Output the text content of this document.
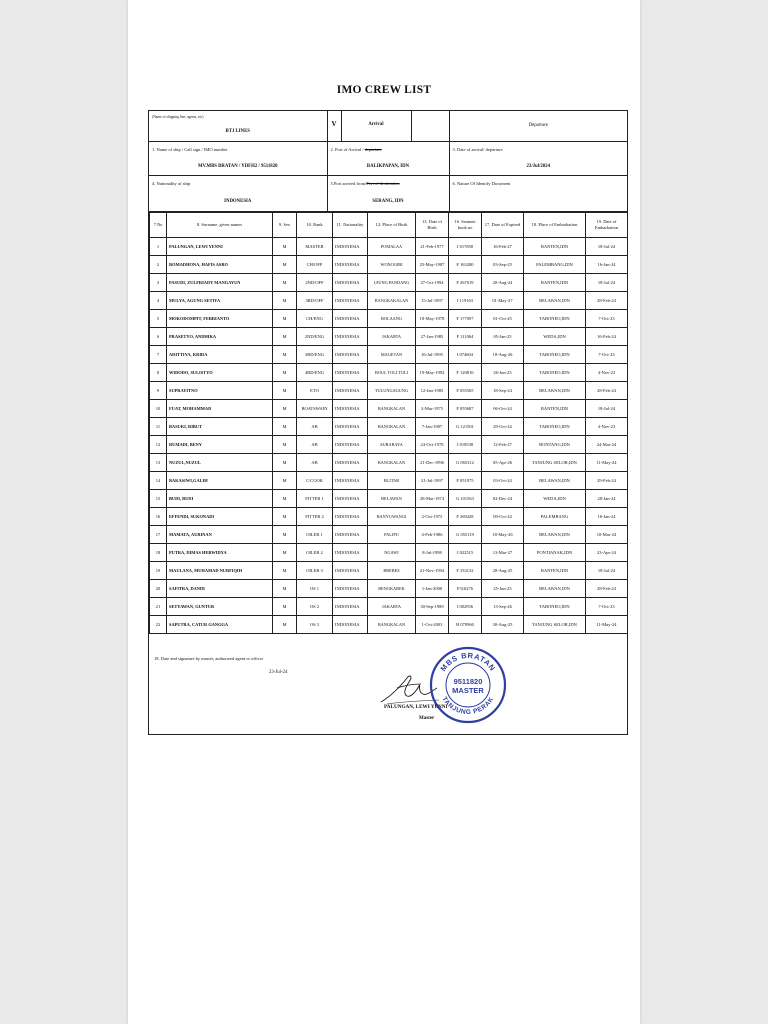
IMO CREW LIST
(Name of shipping line, agents, etc)
BTJ LINES	V	Arrival		Departure

1. Name of ship / Call sign / IMO number
MV.MBS BRATAN / YDFH2 / 9511820	2. Port of Arrival / departure
BALIKPAPAN, IDN			3. Date of arrival/ departure
23/Jul/2024

4. Nationality of ship
INDONESIA	5.Port arrived from/Port of destination
SERANG, IDN			6. Nature Of Identify Document
7.No	8. Surname, given names	9. Sex	10. Rank	11. Nationality	12. Place of Birth	13. Date of Birth	16. Seamen book no	17. Date of Expired	18. Place of Embarkation	19. Date of Embarkation
1	PALUNGAN, LEWI YENNI	M	MASTER	INDONESIA	POMALAA	21-Feb-1977	J 017850	16-Feb-27	BANTEN,IDN	18-Jul-24
2	ROMADHONA, HAFIS ASRO	M	CH/OFF	INDONESIA	WONOGIRI	25-May-1987	F 163280	03-Sep-25	PALEMBANG,IDN	16-Jan-24
3	PASUDI, ZULFRIADY MANGAYUN	M	2ND/OFF	INDONESIA	UJUNG PANDANG	27-Oct-1994	F 267019	20-Aug-24	BANTEN,IDN	18-Jul-24
4	MULYA, AGUNG SETIYA	M	3RD/OFF	INDONESIA	BANGKAKALAN	15-Jul-1997	I 119163	01-May-27	BELAWAN,IDN	28-Feb-24
5	MOKODOMPIT, FEBRIANTO	M	CH/ENG	INDONESIA	BOLAANG	18-May-1978	F 177097	01-Oct-25	TABONEO,IDN	7-Oct-23
6	PRASETYO, ANDHIKA	M	2ND/ENG	INDONESIA	JAKARTA	27-Jan-1985	F 111064	05-Jan-25	WEDA,IDN	16-Feb-24
7	ADITTIYA, KRIDA	M	3RD/ENG	INDONESIA	MAGETAN	16-Jul-1995	I 074604	18-Aug-26	TABONEO,IDN	7-Oct-23
8	WIDODO, SULISTYO	M	4RD/ENG	INDONESIA	BOUL TOLI TOLI	19-May-1992	F 120816	26-Jun-25	TABONEO,IDN	4-Nov-23
9	SUPRAYITNO	M	ETO	INDONESIA	TULUNGAGUNG	12-Jan-1985	F 055565	18-Sep-24	BELAWAN,IDN	28-Feb-24
10	FUAT, MOHAMMAD	M	BOATSWAIN	INDONESIA	BANGKALAN	2-Mar-1975	F 055687	06-Oct-24	BANTEN,IDN	18-Jul-24
11	BASUKI, RIBUT	M	AB	INDONESIA	BANGKALAN	7-Jan-1987	G 121501	29-Oct-24	TABONEO,IDN	4-Nov-23
12	RUMADI, BENY	M	AB	INDONESIA	SURABAYA	24-Oct-1978	J 018538	12-Feb-27	BONTANG,IDN	24-Mar-24
13	NUZUL,NUZUL	M	AB	INDONESIA	BANGKALAN	21-Dec-1996	G 065312	05-Apr-26	TANJUNG SELOR,IDN	11-May-24
14	BAKASIWI,GALIH	M	C/COOK	INDONESIA	BLITAR	21-Jul-1997	F 051975	03-Oct-24	BELAWAN,IDN	29-Feb-24
15	BUDI, BUDI	M	FITTER 1	INDONESIA	BELAWAN	28-Mar-1974	G 101563	02-Dec-24	WEDA,IDN	28-Jan-24
16	EFFENDI, SUKONADI	M	FITTER 2	INDONESIA	BANYUWANGI	2-Oct-1975	F 269428	09-Oct-24	PALEMBANG	16-Jan-24
17	MAMATA, AURINAN	M	OILER 1	INDONESIA	PALIPU	4-Feb-1986	G 055119	18-May-26	BELAWAN,IDN	10-Mar-24
18	PUTRA, DIMAS HERWIDYA	M	OILER 2	INDONESIA	NGAWI	8-Jul-1998	J 022515	13-Mar-27	PONTIANAK,IDN	23-Apr-24
19	MAULANA, MUHAMAD NURFIQIH	M	OILER 3	INDONESIA	BREBES	21-Nov-1994	F 333132	28-Aug-25	BANTEN,IDN	18-Jul-24
20	SAFITRA, DANDI	M	OS 1	INDONESIA	BENGKAREK	1-Jan-2000	F316276	25-Jun-25	BELAWAN,IDN	28-Feb-24
21	SETYAWAN, GUNTUR	M	OS 2	INDONESIA	JAKARTA	30-Sep-1989	I 002956	13-Sep-26	TABONEO,IDN	7-Oct-23
22	SAPUTRA, CATUR GANGGA	M	OS 3	INDONESIA	BANGKALAN	1-Oct-2003	H 079960	30-Aug-25	TANJUNG SELOR,IDN	11-May-24
18. Date and signature by master, authorized agent or officer
23-Jul-24	MBS BRATAN
TANJUNG PERAK
9511820
MASTER
PALUNGAN, LEWI YENNI
Master
